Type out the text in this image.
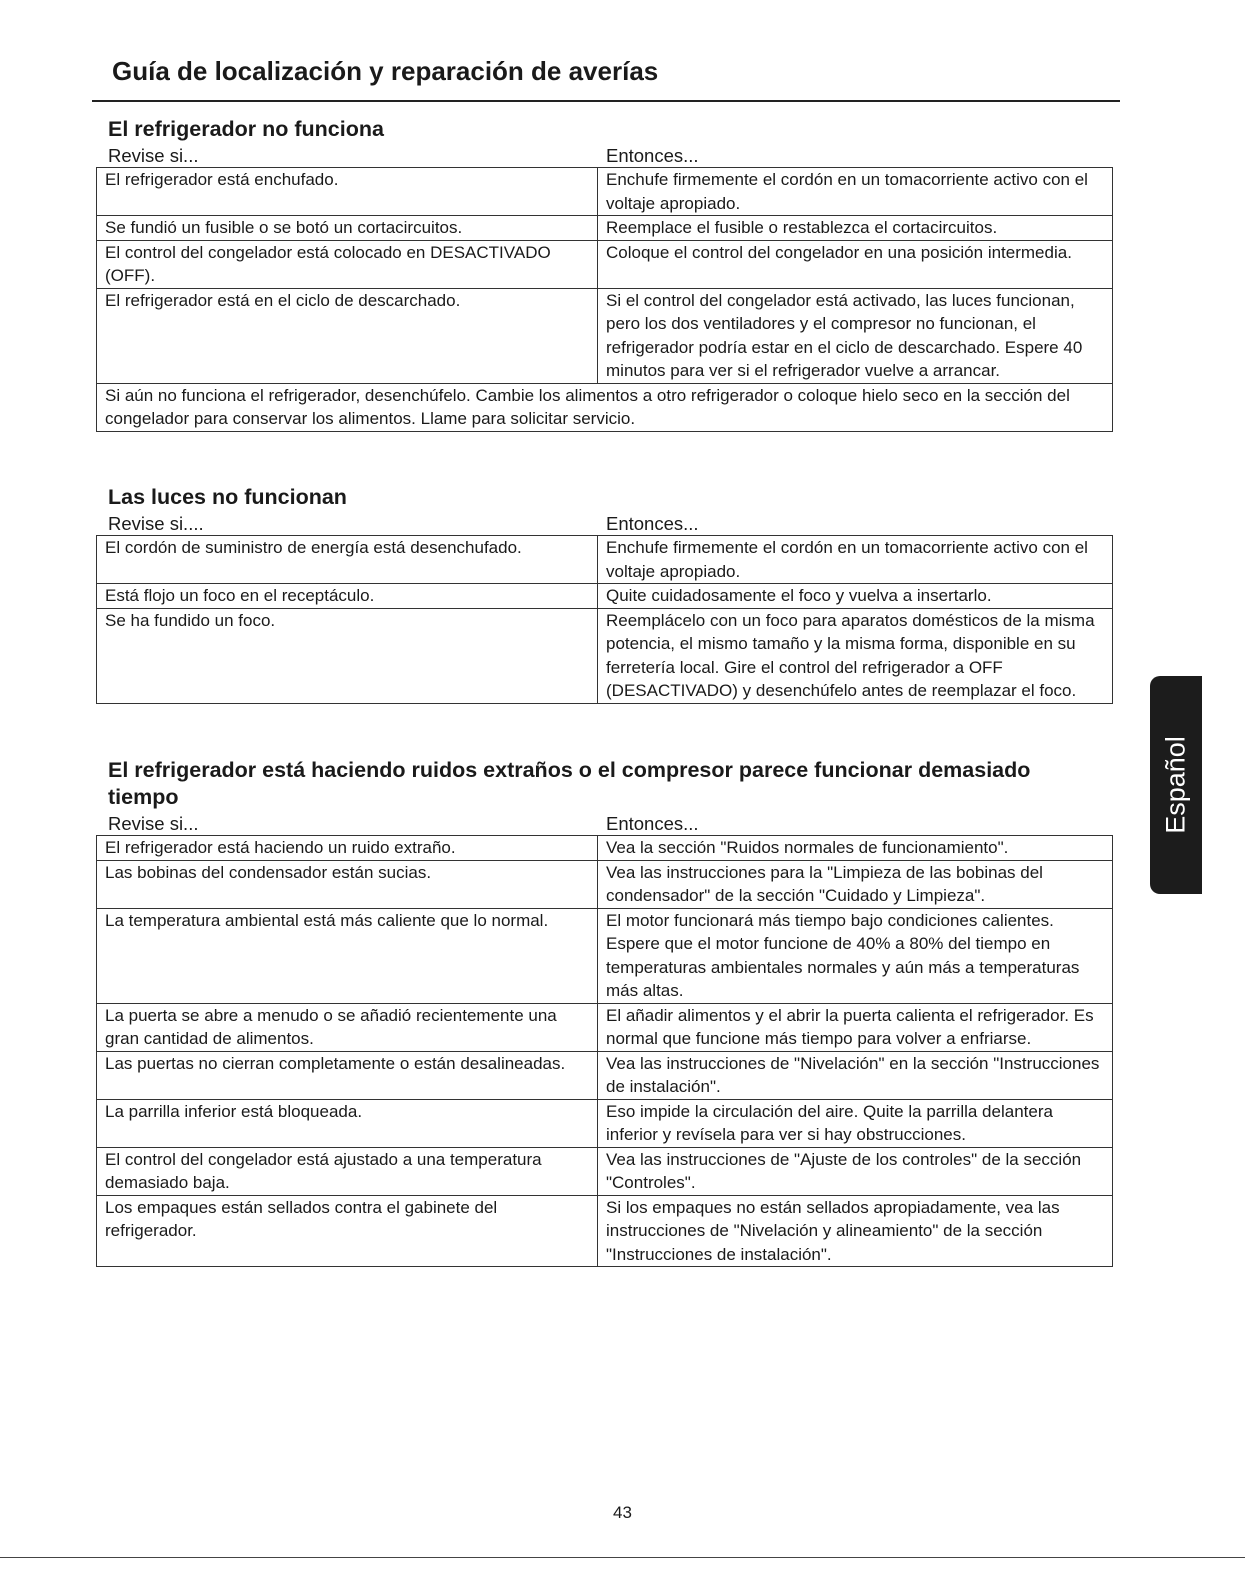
Guía de localización y reparación de averías
El refrigerador no funciona
Revise si...	Entonces...
El refrigerador está enchufado.	Enchufe firmemente el cordón en un tomacorriente activo con el voltaje apropiado.
Se fundió un fusible o se botó un cortacircuitos.	Reemplace el fusible o restablezca el cortacircuitos.
El control del congelador está colocado en DESACTIVADO (OFF).	Coloque el control del congelador en una posición intermedia.
El refrigerador está en el ciclo de descarchado.	Si el control del congelador está activado, las luces funcionan, pero los dos ventiladores y el compresor no funcionan, el refrigerador podría estar en el ciclo de descarchado. Espere 40 minutos para ver si el refrigerador vuelve a arrancar.
Si aún no funciona el refrigerador, desenchúfelo. Cambie los alimentos a otro refrigerador o coloque hielo seco en la sección del congelador para conservar los alimentos. Llame para solicitar servicio.	
Las luces no funcionan
Revise si....	Entonces...
El cordón de suministro de energía está desenchufado.	Enchufe firmemente el cordón en un tomacorriente activo con el voltaje apropiado.
Está flojo un foco en el receptáculo.	Quite cuidadosamente el foco y vuelva a insertarlo.
Se ha fundido un foco.	Reemplácelo con un foco para aparatos domésticos de la misma potencia, el mismo tamaño y la misma forma, disponible en su ferretería local. Gire el control del refrigerador a OFF (DESACTIVADO) y desenchúfelo antes de reemplazar el foco.
El refrigerador está haciendo ruidos extraños o el compresor parece funcionar demasiado tiempo
Revise si...	Entonces...
El refrigerador está haciendo un ruido extraño.	Vea la sección "Ruidos normales de funcionamiento".
Las bobinas del condensador están sucias.	Vea las instrucciones para la "Limpieza de las bobinas del condensador" de la sección "Cuidado y Limpieza".
La temperatura ambiental está más caliente que lo normal.	El motor funcionará más tiempo bajo condiciones calientes. Espere que el motor funcione de 40% a 80% del tiempo en temperaturas ambientales normales y aún más a temperaturas más altas.
La puerta se abre a menudo o se añadió recientemente una gran cantidad de alimentos.	El añadir alimentos y el abrir la puerta calienta el refrigerador. Es normal que funcione más tiempo para volver a enfriarse.
Las puertas no cierran completamente o están desalineadas.	Vea las instrucciones de "Nivelación" en la sección "Instrucciones de instalación".
La parrilla inferior está bloqueada.	Eso impide la circulación del aire. Quite la parrilla delantera inferior y revísela para ver si hay obstrucciones.
El control del congelador está ajustado a una temperatura demasiado baja.	Vea las instrucciones de "Ajuste de los controles" de la sección "Controles".
Los empaques están sellados contra el gabinete del refrigerador.	Si los empaques no están sellados apropiadamente, vea las instrucciones de "Nivelación y alineamiento" de la sección "Instrucciones de instalación".
Español
43
